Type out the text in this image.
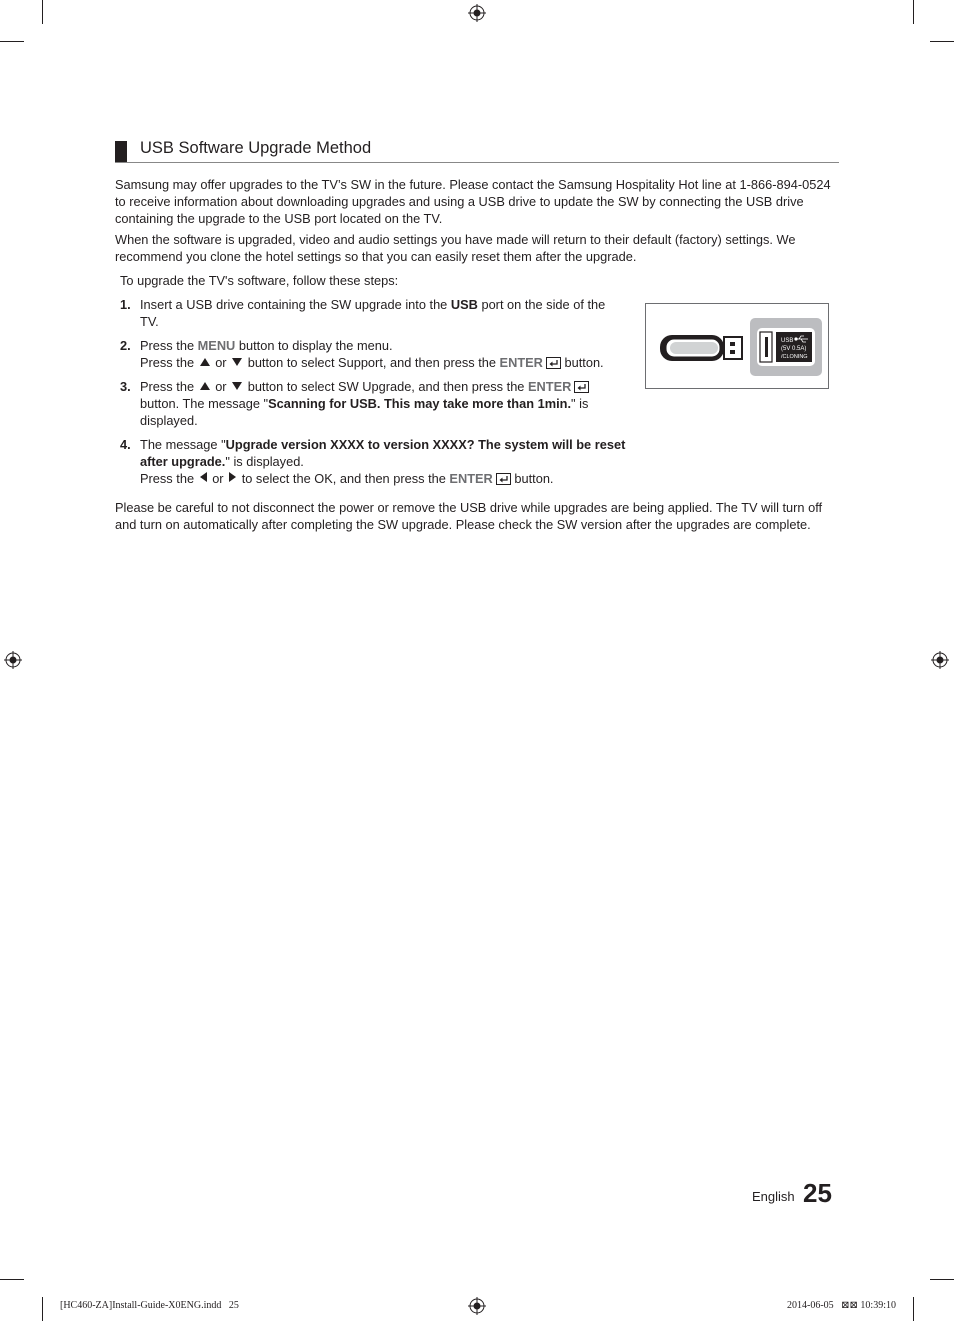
USB Software Upgrade Method
Samsung may offer upgrades to the TV’s SW in the future. Please contact the Samsung Hospitality Hot line at 1-866-894-0524 to receive information about downloading upgrades and using a USB drive to update the SW by connecting the USB drive containing the upgrade to the USB port located on the TV.
When the software is upgraded, video and audio settings you have made will return to their default (factory) settings. We recommend you clone the hotel settings so that you can easily reset them after the upgrade.
To upgrade the TV's software, follow these steps:
1. Insert a USB drive containing the SW upgrade into the USB port on the side of the TV.
2. Press the MENU button to display the menu.
Press the or button to select Support, and then press the ENTER button.
3. Press the or button to select SW Upgrade, and then press the ENTER button. The message "Scanning for USB. This may take more than 1min." is displayed.
4. The message "Upgrade version XXXX to version XXXX? The system will be reset after upgrade." is displayed.
Press the or to select the OK, and then press the ENTER button.
Please be careful to not disconnect the power or remove the USB drive while upgrades are being applied. The TV will turn off and turn on automatically after completing the SW upgrade. Please check the SW version after the upgrades are complete.
USB
(5V 0.5A)
/CLONING
English 25
[HC460-ZA]Install-Guide-X0ENG.indd   25	2014-06-05   ⊠⊠ 10:39:10
